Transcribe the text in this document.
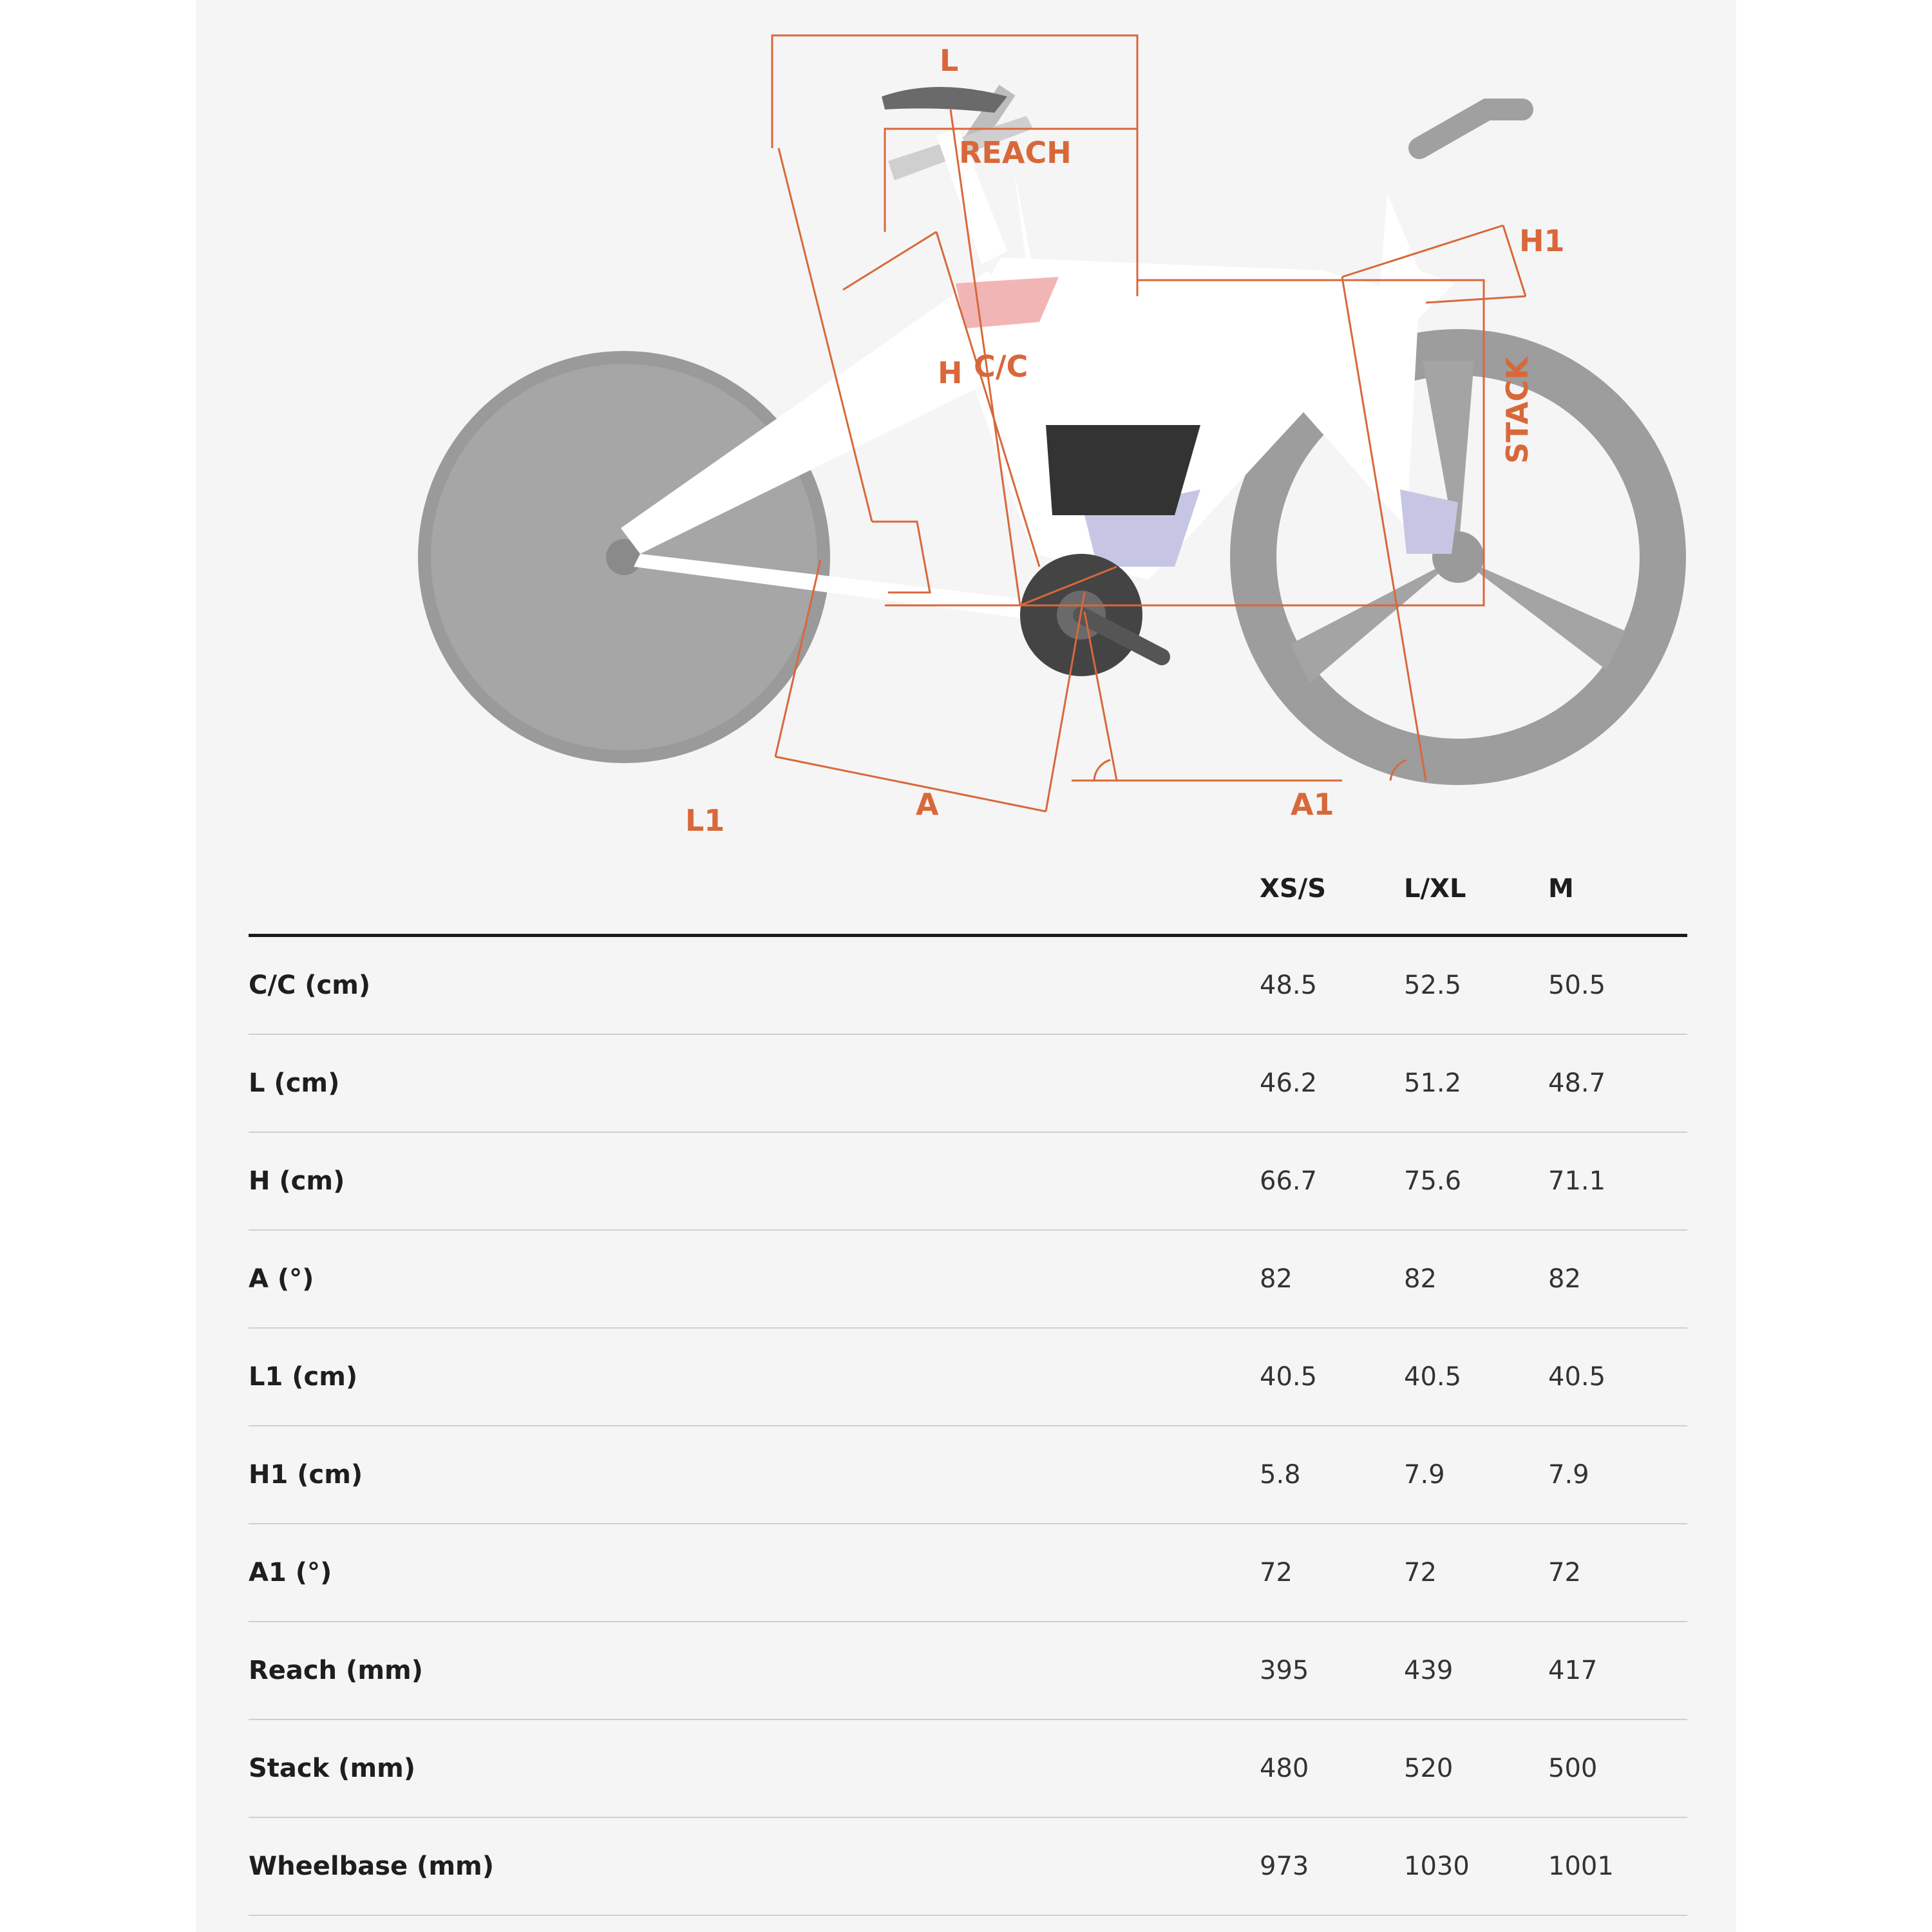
L
REACH
H1
H C/C	STACK
L1	A	A1
	XS/S	L/XL	M
C/C (cm)	48.5	52.5	50.5
L (cm)	46.2	51.2	48.7
H (cm)	66.7	75.6	71.1
A (°)	82	82	82
L1 (cm)	40.5	40.5	40.5
H1 (cm)	5.8	7.9	7.9
A1 (°)	72	72	72
Reach (mm)	395	439	417
Stack (mm)	480	520	500
Wheelbase (mm)	973	1030	1001
